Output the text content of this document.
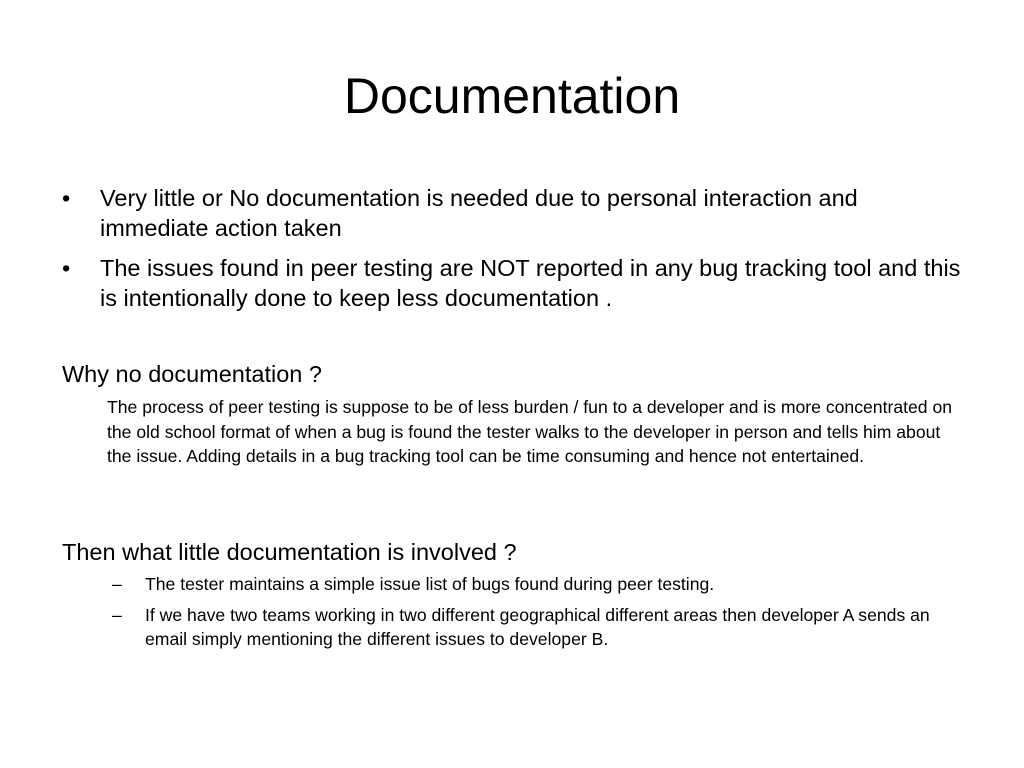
Documentation
•	Very little or No documentation is needed due to personal interaction and immediate action taken
•	The issues found in peer testing are NOT reported in any bug tracking tool and this is intentionally done to keep less documentation .

Why no documentation ?

The process of peer testing is suppose to be of less burden / fun to a developer and is more concentrated on the old school format of when a bug is found the tester walks to the developer in person and tells him about the issue. Adding details in a bug tracking tool can be time consuming and hence not entertained.

Then what little documentation is involved ?

– The tester maintains a simple issue list of bugs found during peer testing.
– If we have two teams working in two different geographical different areas then developer A sends an email simply mentioning the different issues to developer B.
